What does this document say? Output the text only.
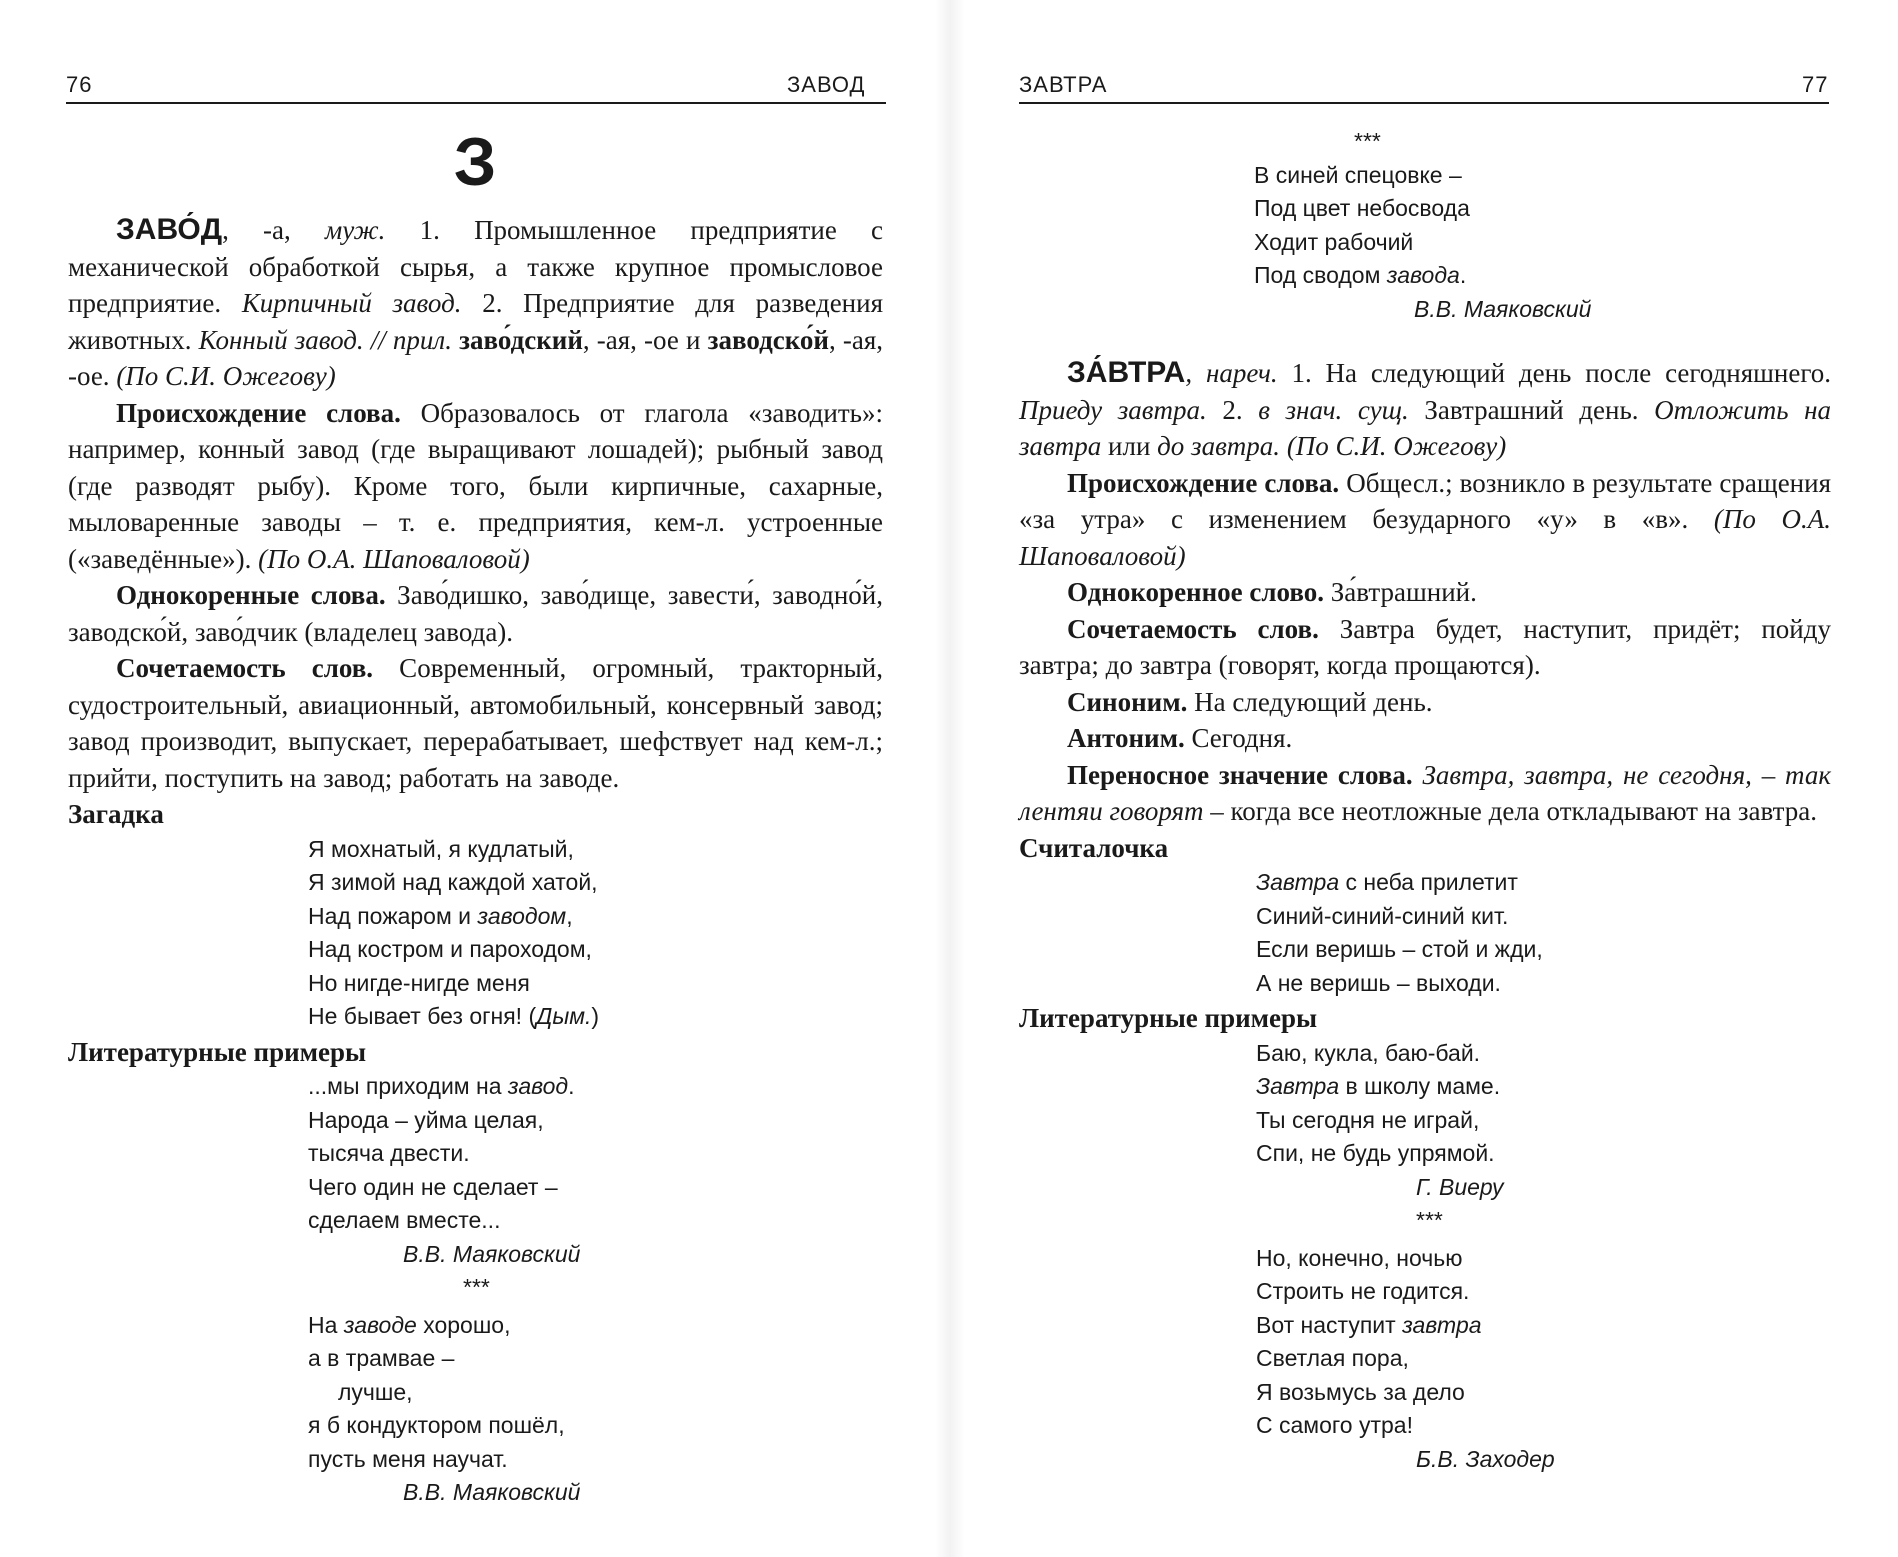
76	ЗАВОД
З

ЗАВО́Д, -а, муж. 1. Промышленное предприятие с механической обработкой сырья, а также крупное промысловое предприятие. Кирпичный завод. 2. Предприятие для разведения животных. Конный завод. // прил. заво́дский, -ая, -ое и заводско́й, -ая, -ое. (По С.И. Ожегову)

Происхождение слова. Образовалось от глагола «заводить»: например, конный завод (где выращивают лошадей); рыбный завод (где разводят рыбу). Кроме того, были кирпичные, сахарные, мыловаренные заводы – т. е. предприятия, кем-л. устроенные («заведённые»). (По О.А. Шаповаловой)

Однокоренные слова. Заво́дишко, заво́дище, завести́, заводно́й, заводско́й, заво́дчик (владелец завода).

Сочетаемость слов. Современный, огромный, тракторный, судостроительный, авиационный, автомобильный, консервный завод; завод производит, выпускает, перерабатывает, шефствует над кем-л.; прийти, поступить на завод; работать на заводе.

Загадка

Я мохнатый, я кудлатый,
Я зимой над каждой хатой,
Над пожаром и заводом,
Над костром и пароходом,
Но нигде-нигде меня
Не бывает без огня! (Дым.)

Литературные примеры

...мы приходим на завод.
Народа – уйма целая,
тысяча двести.
Чего один не сделает –
сделаем вместе...
В.В. Маяковский
***
На заводе хорошо,
а в трамвае –
лучше,
я б кондуктором пошёл,
пусть меня научат.
В.В. Маяковский
ЗАВТРА	77
***
В синей спецовке –
Под цвет небосвода
Ходит рабочий
Под сводом завода.
В.В. Маяковский

ЗА́ВТРА, нареч. 1. На следующий день после сегодняшнего. Приеду завтра. 2. в знач. сущ. Завтрашний день. Отложить на завтра или до завтра. (По С.И. Ожегову)

Происхождение слова. Общесл.; возникло в результате сращения «за утра» с изменением безударного «у» в «в». (По О.А. Шаповаловой)

Однокоренное слово. За́втрашний.

Сочетаемость слов. Завтра будет, наступит, придёт; пойду завтра; до завтра (говорят, когда прощаются).

Синоним. На следующий день.

Антоним. Сегодня.

Переносное значение слова. Завтра, завтра, не сегодня, – так лентяи говорят – когда все неотложные дела откладывают на завтра.

Считалочка

Завтра с неба прилетит
Синий-синий-синий кит.
Если веришь – стой и жди,
А не веришь – выходи.

Литературные примеры

Баю, кукла, баю-бай.
Завтра в школу маме.
Ты сегодня не играй,
Спи, не будь упрямой.
Г. Виеру
***
Но, конечно, ночью
Строить не годится.
Вот наступит завтра
Светлая пора,
Я возьмусь за дело
С самого утра!
Б.В. Заходер
